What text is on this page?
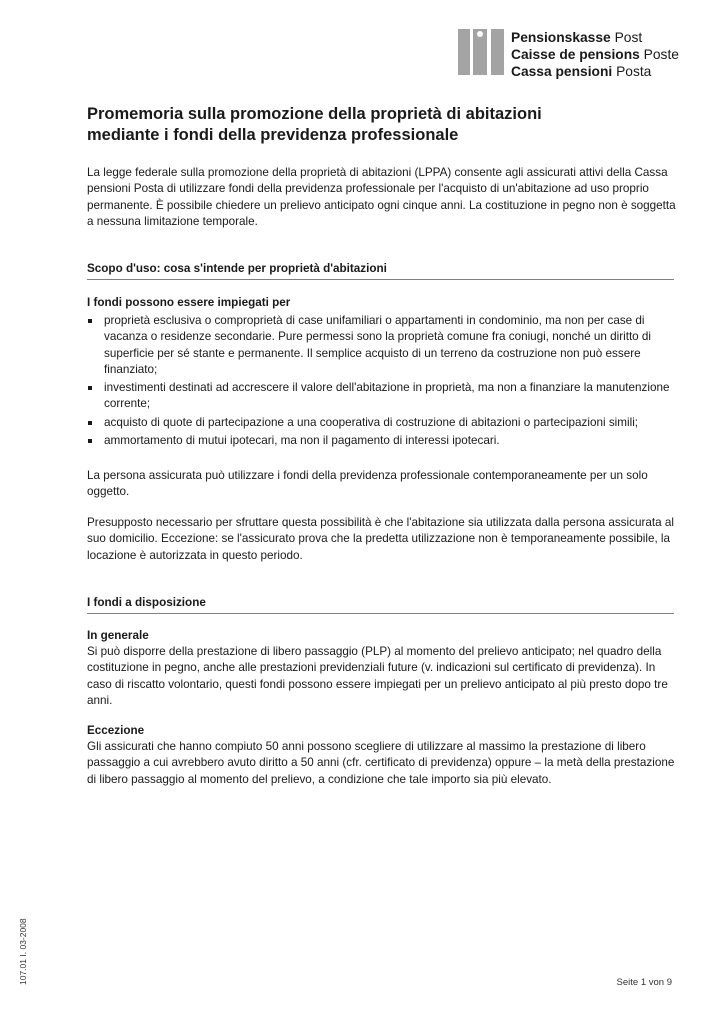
Pensionskasse Post
Caisse de pensions Poste
Cassa pensioni Posta
Promemoria sulla promozione della proprietà di abitazioni
mediante i fondi della previdenza professionale

La legge federale sulla promozione della proprietà di abitazioni (LPPA) consente agli assicurati attivi della Cassa pensioni Posta di utilizzare fondi della previdenza professionale per l'acquisto di un'abitazione ad uso proprio permanente. È possibile chiedere un prelievo anticipato ogni cinque anni. La costituzione in pegno non è soggetta a nessuna limitazione temporale.

Scopo d'uso: cosa s'intende per proprietà d'abitazioni
I fondi possono essere impiegati per
proprietà esclusiva o comproprietà di case unifamiliari o appartamenti in condominio, ma non per case di vacanza o residenze secondarie. Pure permessi sono la proprietà comune fra coniugi, nonché un diritto di superficie per sé stante e permanente. Il semplice acquisto di un terreno da costruzione non può essere finanziato;
investimenti destinati ad accrescere il valore dell'abitazione in proprietà, ma non a finanziare la manutenzione corrente;
acquisto di quote di partecipazione a una cooperativa di costruzione di abitazioni o partecipazioni simili;
ammortamento di mutui ipotecari, ma non il pagamento di interessi ipotecari.

La persona assicurata può utilizzare i fondi della previdenza professionale contemporaneamente per un solo oggetto.

Presupposto necessario per sfruttare questa possibilità è che l'abitazione sia utilizzata dalla persona assicurata al suo domicilio. Eccezione: se l'assicurato prova che la predetta utilizzazione non è temporaneamente possibile, la locazione è autorizzata in questo periodo.

I fondi a disposizione
In generale

Si può disporre della prestazione di libero passaggio (PLP) al momento del prelievo anticipato; nel quadro della costituzione in pegno, anche alle prestazioni previdenziali future (v. indicazioni sul certificato di previdenza). In caso di riscatto volontario, questi fondi possono essere impiegati per un prelievo anticipato al più presto dopo tre anni.

Eccezione

Gli assicurati che hanno compiuto 50 anni possono scegliere di utilizzare al massimo la prestazione di libero passaggio a cui avrebbero avuto diritto a 50 anni (cfr. certificato di previdenza) oppure – la metà della prestazione di libero passaggio al momento del prelievo, a condizione che tale importo sia più elevato.

107.01 I. 03-2008	Seite 1 von 9
